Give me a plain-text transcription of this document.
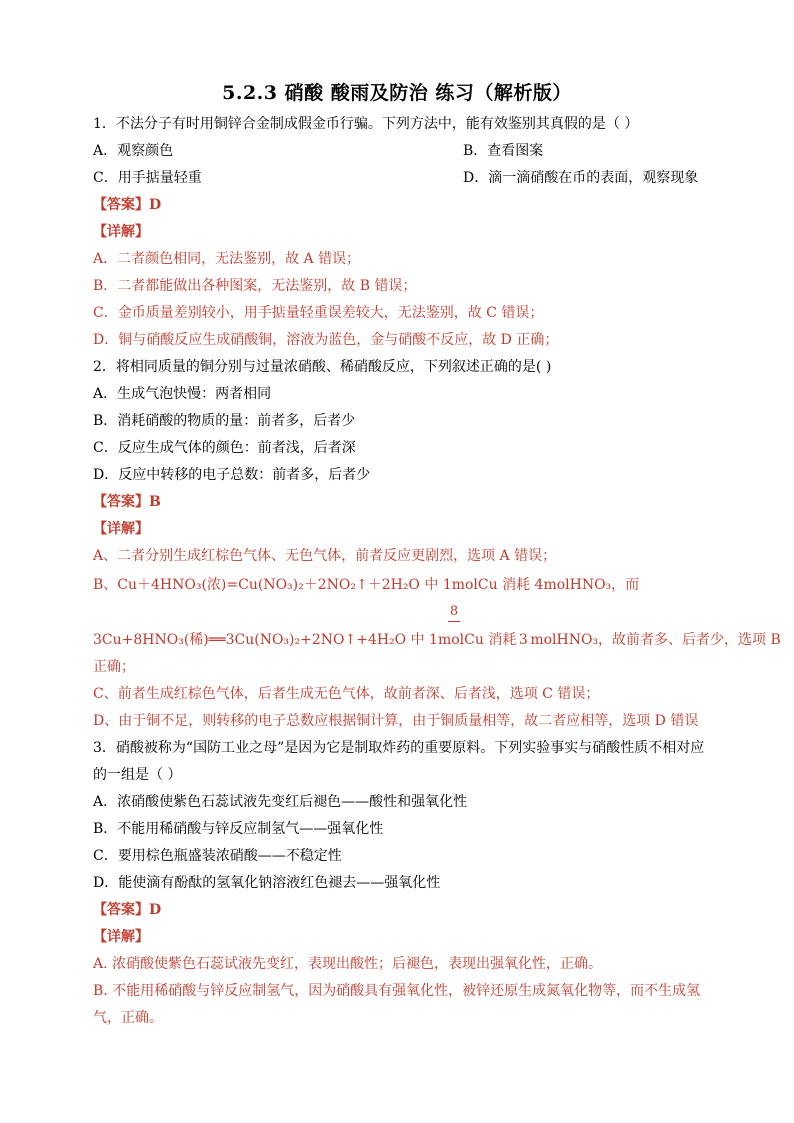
5.2.3 硝酸 酸雨及防治 练习（解析版）
1．不法分子有时用铜锌合金制成假金币行骗。下列方法中，能有效鉴别其真假的是（ ）
A．观察颜色	B．查看图案
C．用手掂量轻重	D．滴一滴硝酸在币的表面，观察现象
【答案】D
【详解】
A．二者颜色相同，无法鉴别，故 A 错误；
B．二者都能做出各种图案，无法鉴别，故 B 错误；
C．金币质量差别较小，用手掂量轻重误差较大，无法鉴别，故 C 错误；
D．铜与硝酸反应生成硝酸铜，溶液为蓝色，金与硝酸不反应，故 D 正确；
2．将相同质量的铜分别与过量浓硝酸、稀硝酸反应，下列叙述正确的是( )
A．生成气泡快慢：两者相同
B．消耗硝酸的物质的量：前者多，后者少
C．反应生成气体的颜色：前者浅，后者深
D．反应中转移的电子总数：前者多，后者少
【答案】B
【详解】
A、二者分别生成红棕色气体、无色气体，前者反应更剧烈，选项 A 错误；
B、Cu＋4HNO₃(浓)=Cu(NO₃)₂＋2NO₂↑＋2H₂O 中 1molCu 消耗 4molHNO₃，而
8
3Cu+8HNO₃(稀)══3Cu(NO₃)₂+2NO↑+4H₂O 中 1molCu 消耗 3 molHNO₃，故前者多、后者少，选项 B
正确；
C、前者生成红棕色气体，后者生成无色气体，故前者深、后者浅，选项 C 错误；
D、由于铜不足，则转移的电子总数应根据铜计算，由于铜质量相等，故二者应相等，选项 D 错误
3．硝酸被称为“国防工业之母”是因为它是制取炸药的重要原料。下列实验事实与硝酸性质不相对应
的一组是（ ）
A．浓硝酸使紫色石蕊试液先变红后褪色——酸性和强氧化性
B．不能用稀硝酸与锌反应制氢气——强氧化性
C．要用棕色瓶盛装浓硝酸——不稳定性
D．能使滴有酚酞的氢氧化钠溶液红色褪去——强氧化性
【答案】D
【详解】
A. 浓硝酸使紫色石蕊试液先变红，表现出酸性；后褪色，表现出强氧化性，正确。
B. 不能用稀硝酸与锌反应制氢气，因为硝酸具有强氧化性，被锌还原生成氮氧化物等，而不生成氢
气，正确。
